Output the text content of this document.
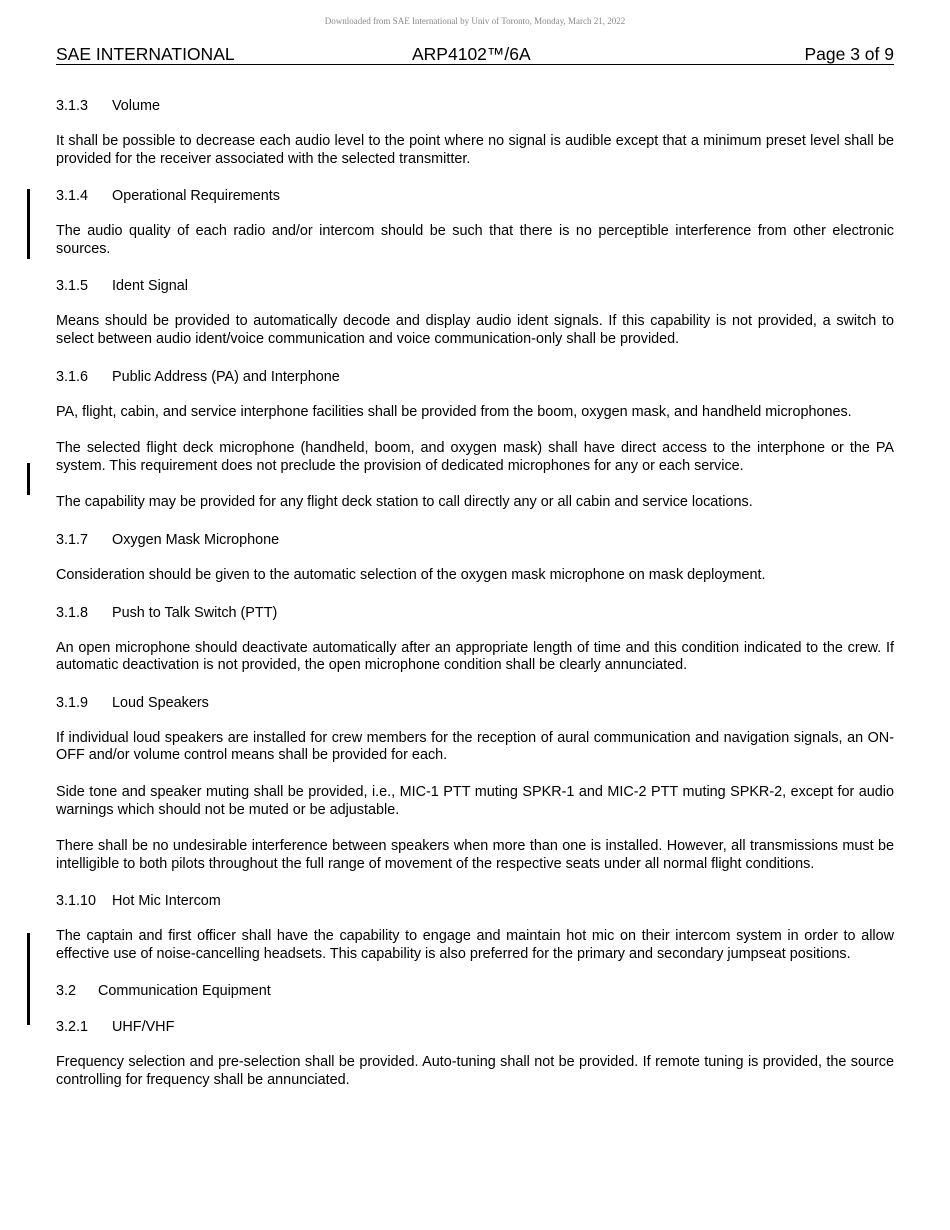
Downloaded from SAE International by Univ of Toronto, Monday, March 21, 2022
SAE INTERNATIONAL	ARP4102™/6A	Page 3 of 9
3.1.3 Volume

It shall be possible to decrease each audio level to the point where no signal is audible except that a minimum preset level shall be provided for the receiver associated with the selected transmitter.

3.1.4 Operational Requirements

The audio quality of each radio and/or intercom should be such that there is no perceptible interference from other electronic sources.

3.1.5 Ident Signal

Means should be provided to automatically decode and display audio ident signals. If this capability is not provided, a switch to select between audio ident/voice communication and voice communication-only shall be provided.

3.1.6 Public Address (PA) and Interphone

PA, flight, cabin, and service interphone facilities shall be provided from the boom, oxygen mask, and handheld microphones.

The selected flight deck microphone (handheld, boom, and oxygen mask) shall have direct access to the interphone or the PA system. This requirement does not preclude the provision of dedicated microphones for any or each service.

The capability may be provided for any flight deck station to call directly any or all cabin and service locations.

3.1.7 Oxygen Mask Microphone

Consideration should be given to the automatic selection of the oxygen mask microphone on mask deployment.

3.1.8 Push to Talk Switch (PTT)

An open microphone should deactivate automatically after an appropriate length of time and this condition indicated to the crew. If automatic deactivation is not provided, the open microphone condition shall be clearly annunciated.

3.1.9 Loud Speakers

If individual loud speakers are installed for crew members for the reception of aural communication and navigation signals, an ON-OFF and/or volume control means shall be provided for each.

Side tone and speaker muting shall be provided, i.e., MIC-1 PTT muting SPKR-1 and MIC-2 PTT muting SPKR-2, except for audio warnings which should not be muted or be adjustable.

There shall be no undesirable interference between speakers when more than one is installed. However, all transmissions must be intelligible to both pilots throughout the full range of movement of the respective seats under all normal flight conditions.

3.1.10 Hot Mic Intercom

The captain and first officer shall have the capability to engage and maintain hot mic on their intercom system in order to allow effective use of noise-cancelling headsets. This capability is also preferred for the primary and secondary jumpseat positions.

3.2 Communication Equipment
3.2.1 UHF/VHF

Frequency selection and pre-selection shall be provided. Auto-tuning shall not be provided. If remote tuning is provided, the source controlling for frequency shall be annunciated.
